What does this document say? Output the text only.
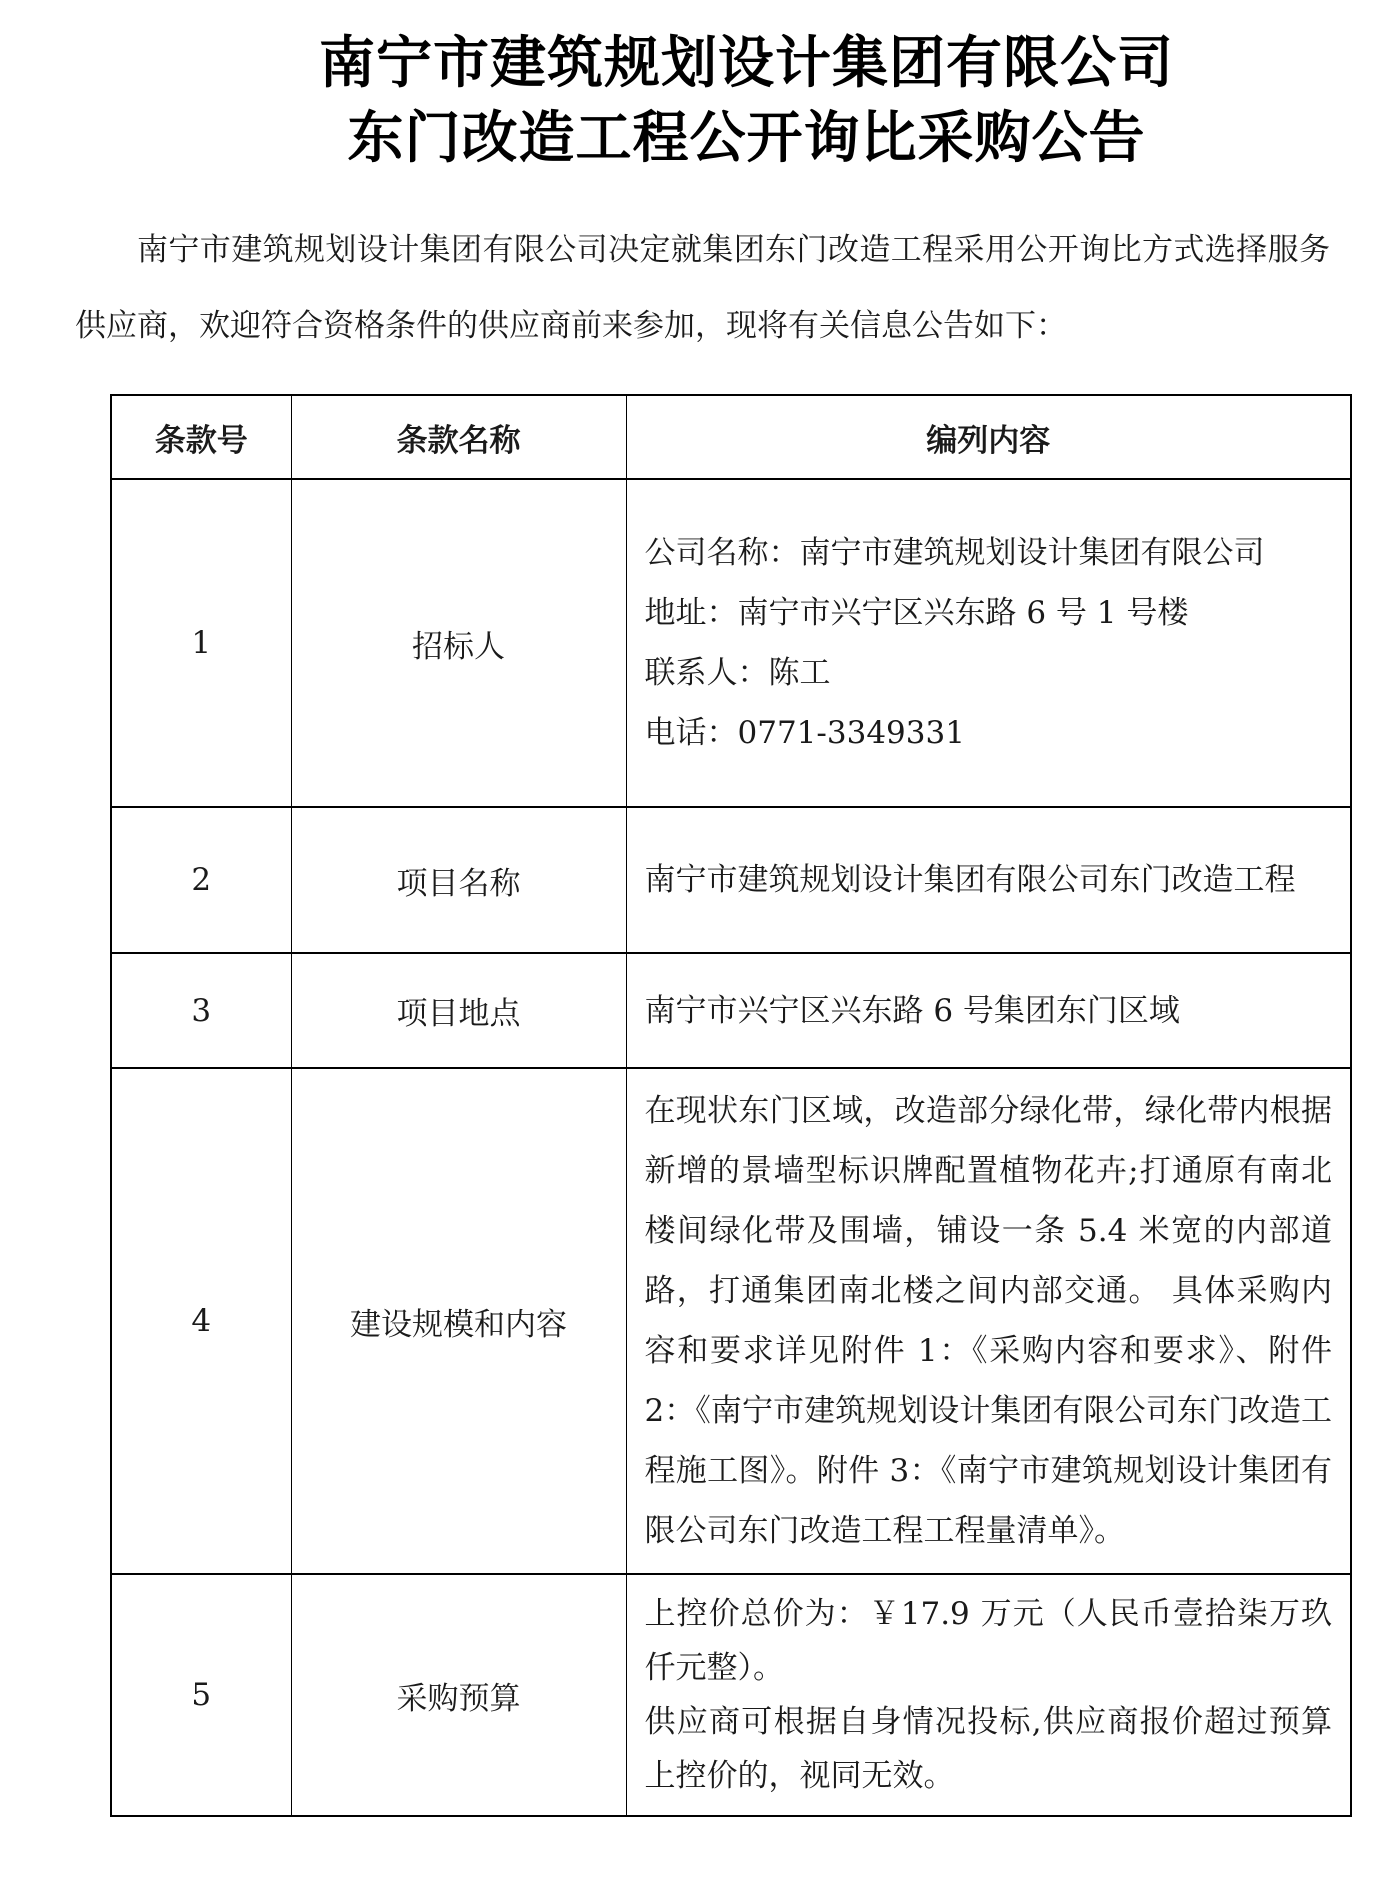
南宁市建筑规划设计集团有限公司
东门改造工程公开询比采购公告

南宁市建筑规划设计集团有限公司决定就集团东门改造工程采用公开询比方式选择服务供应商，欢迎符合资格条件的供应商前来参加，现将有关信息公告如下：

条款号	条款名称	编列内容
1	招标人	公司名称：南宁市建筑规划设计集团有限公司
地址：南宁市兴宁区兴东路 6 号 1 号楼
联系人：陈工
电话：0771-3349331

2	项目名称	南宁市建筑规划设计集团有限公司东门改造工程

3	项目地点	南宁市兴宁区兴东路 6 号集团东门区域

4	建设规模和内容	在现状东门区域，改造部分绿化带，绿化带内根据新增的景墙型标识牌配置植物花卉;打通原有南北楼间绿化带及围墙，铺设一条 5.4 米宽的内部道路，打通集团南北楼之间内部交通。 具体采购内容和要求详见附件 1：《采购内容和要求》、附件 2：《南宁市建筑规划设计集团有限公司东门改造工程施工图》。附件 3：《南宁市建筑规划设计集团有限公司东门改造工程工程量清单》。

5	采购预算	上控价总价为：￥17.9 万元（人民币壹拾柒万玖仟元整）。
供应商可根据自身情况投标,供应商报价超过预算上控价的，视同无效。
